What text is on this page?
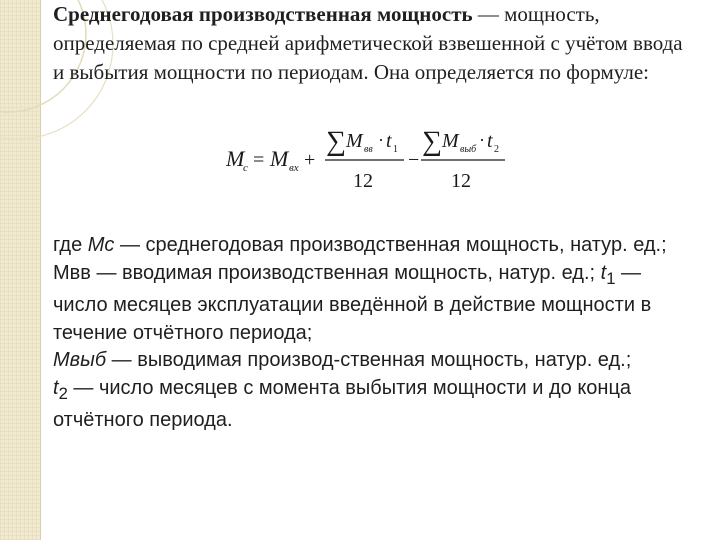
Среднегодовая производственная мощность — мощность, определяемая по средней арифметической взвешенной с учётом ввода и выбытия мощности по периодам. Она определяется по формуле:

M
с = M вх +
∑ M вв · t 1
12
−
∑ M выб · t 2
12

где Мс — среднегодовая производственная мощность, натур. ед.;

Мвв — вводимая производственная мощность, натур. ед.; $t_1$ — число месяцев эксплуатации введённой в действие мощности в течение отчётного периода;

Мвыб — выводимая производ-ственная мощность, натур. ед.;

$t_2$ — число месяцев с момента выбытия мощности и до конца отчётного периода.
